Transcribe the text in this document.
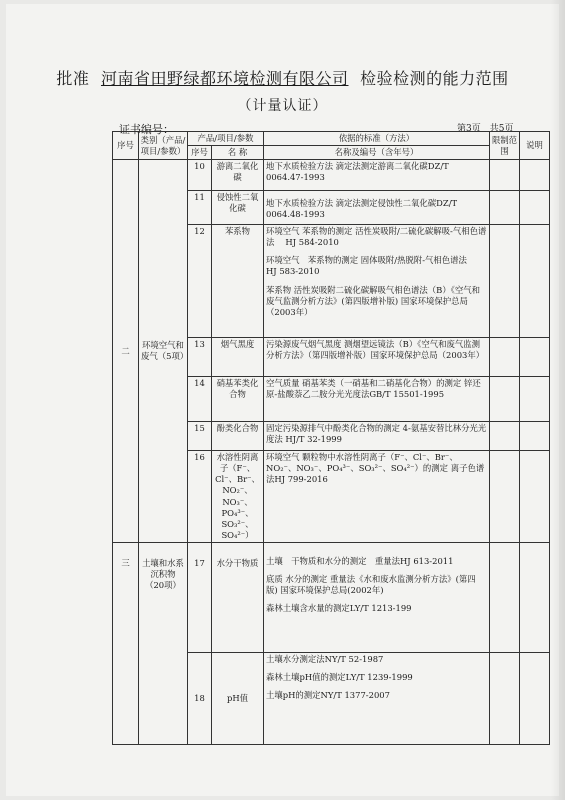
批准 河南省田野绿都环境检测有限公司 检验检测的能力范围
（计量认证）
证书编号：	第3页　共5页
序号	类别（产品/项目/参数）	产品/项目/参数		依据的标准（方法）	限制范围	说明
		序号	名 称	名称及编号（含年号）		
二	环境空气和废气（5项）	10	游离二氧化碳	地下水质检验方法 滴定法测定游离二氧化碳DZ/T 0064.47-1993		

		11	侵蚀性二氧化碳	地下水质检验方法 滴定法测定侵蚀性二氧化碳DZ/T 0064.48-1993		

		12	苯系物	环境空气 苯系物的测定 活性炭吸附/二硫化碳解吸-气相色谱法　 HJ 584-2010

环境空气　苯系物的测定 固体吸附/热脱附-气相色谱法　 HJ 583-2010

苯系物 活性炭吸附二硫化碳解吸气相色谱法（B）《空气和废气监测分析方法》(第四版增补版) 国家环境保护总局（2003年）		

		13	烟气黑度	污染源废气烟气黑度 测烟望远镜法（B）《空气和废气监测分析方法》（第四版增补版）国家环境保护总局（2003年）		

		14	硝基苯类化合物	空气质量 硝基苯类（一硝基和二硝基化合物）的测定 锌还原-盐酸萘乙二胺分光光度法GB/T 15501-1995		

		15	酚类化合物	固定污染源排气中酚类化合物的测定 4-氨基安替比林分光光度法 HJ/T 32-1999		

		16	水溶性阴离子（F⁻、Cl⁻、Br⁻、NO₂⁻、NO₃⁻、PO₄³⁻、SO₃²⁻、SO₄²⁻）	环境空气 颗粒物中水溶性阴离子（F⁻、Cl⁻、Br⁻、NO₂⁻、NO₃⁻、PO₄³⁻、SO₃²⁻、SO₄²⁻）的测定 离子色谱法HJ 799-2016		

三	土壤和水系沉积物（20项）	17	水分干物质	土壤　干物质和水分的测定　重量法HJ 613-2011

底质 水分的测定 重量法《水和废水监测分析方法》(第四版) 国家环境保护总局(2002年)

森林土壤含水量的测定LY/T 1213-199		

		18	pH值	土壤水分测定法NY/T 52-1987

森林土壤pH值的测定LY/T 1239-1999

土壤pH的测定NY/T 1377-2007		
